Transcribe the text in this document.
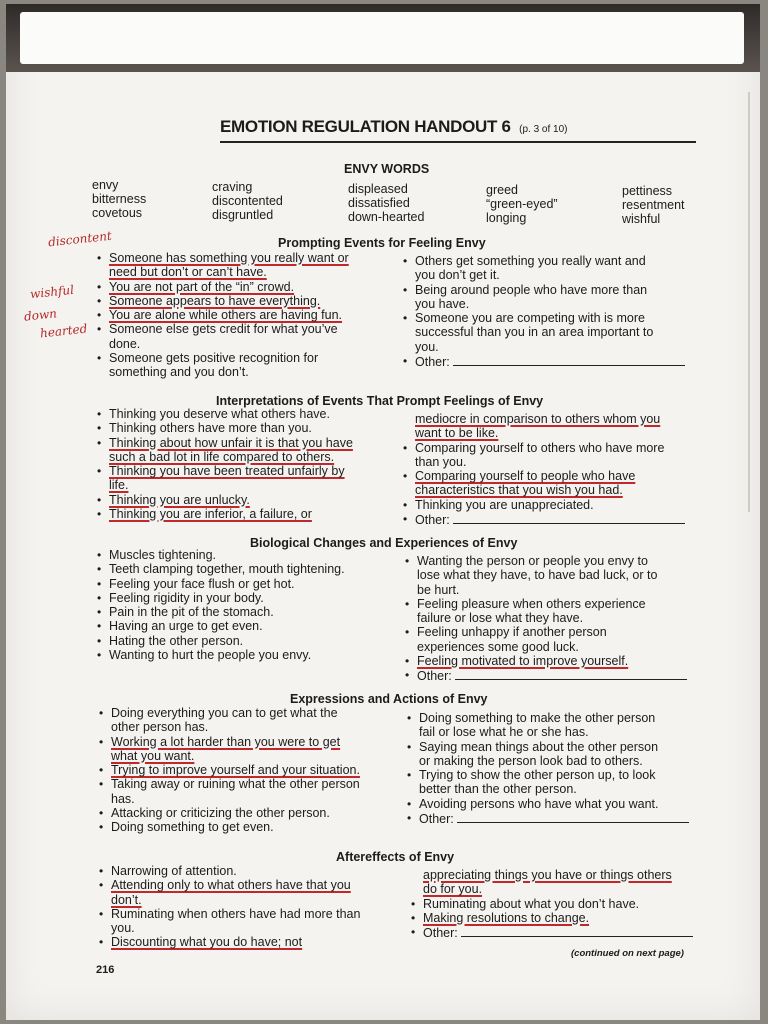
EMOTION REGULATION HANDOUT 6 (p. 3 of 10)
ENVY WORDS
envy
bitterness
covetous
craving
discontented
disgruntled
displeased
dissatisfied
down-hearted
greed
“green-eyed”
longing
pettiness
resentment
wishful
discontent
wishful
down
hearted
Prompting Events for Feeling Envy
• Someone has something you really want or
need but don’t or can’t have.
• You are not part of the “in” crowd.
• Someone appears to have everything.
• You are alone while others are having fun.
• Someone else gets credit for what you’ve
done.
• Someone gets positive recognition for
something and you don’t.
• Others get something you really want and
you don’t get it.
• Being around people who have more than
you have.
• Someone you are competing with is more
successful than you in an area important to
you.
• Other:
Interpretations of Events That Prompt Feelings of Envy
• Thinking you deserve what others have.
• Thinking others have more than you.
• Thinking about how unfair it is that you have
such a bad lot in life compared to others.
• Thinking you have been treated unfairly by
life.
• Thinking you are unlucky.
• Thinking you are inferior, a failure, or
mediocre in comparison to others whom you
want to be like.
• Comparing yourself to others who have more
than you.
• Comparing yourself to people who have
characteristics that you wish you had.
• Thinking you are unappreciated.
• Other:
Biological Changes and Experiences of Envy
• Muscles tightening.
• Teeth clamping together, mouth tightening.
• Feeling your face flush or get hot.
• Feeling rigidity in your body.
• Pain in the pit of the stomach.
• Having an urge to get even.
• Hating the other person.
• Wanting to hurt the people you envy.
• Wanting the person or people you envy to
lose what they have, to have bad luck, or to
be hurt.
• Feeling pleasure when others experience
failure or lose what they have.
• Feeling unhappy if another person
experiences some good luck.
• Feeling motivated to improve yourself.
• Other:
Expressions and Actions of Envy
• Doing everything you can to get what the
other person has.
• Working a lot harder than you were to get
what you want.
• Trying to improve yourself and your situation.
• Taking away or ruining what the other person
has.
• Attacking or criticizing the other person.
• Doing something to get even.
• Doing something to make the other person
fail or lose what he or she has.
• Saying mean things about the other person
or making the person look bad to others.
• Trying to show the other person up, to look
better than the other person.
• Avoiding persons who have what you want.
• Other:
Aftereffects of Envy
• Narrowing of attention.
• Attending only to what others have that you
don’t.
• Ruminating when others have had more than
you.
• Discounting what you do have; not
appreciating things you have or things others
do for you.
• Ruminating about what you don’t have.
• Making resolutions to change.
• Other:
(continued on next page)
216
